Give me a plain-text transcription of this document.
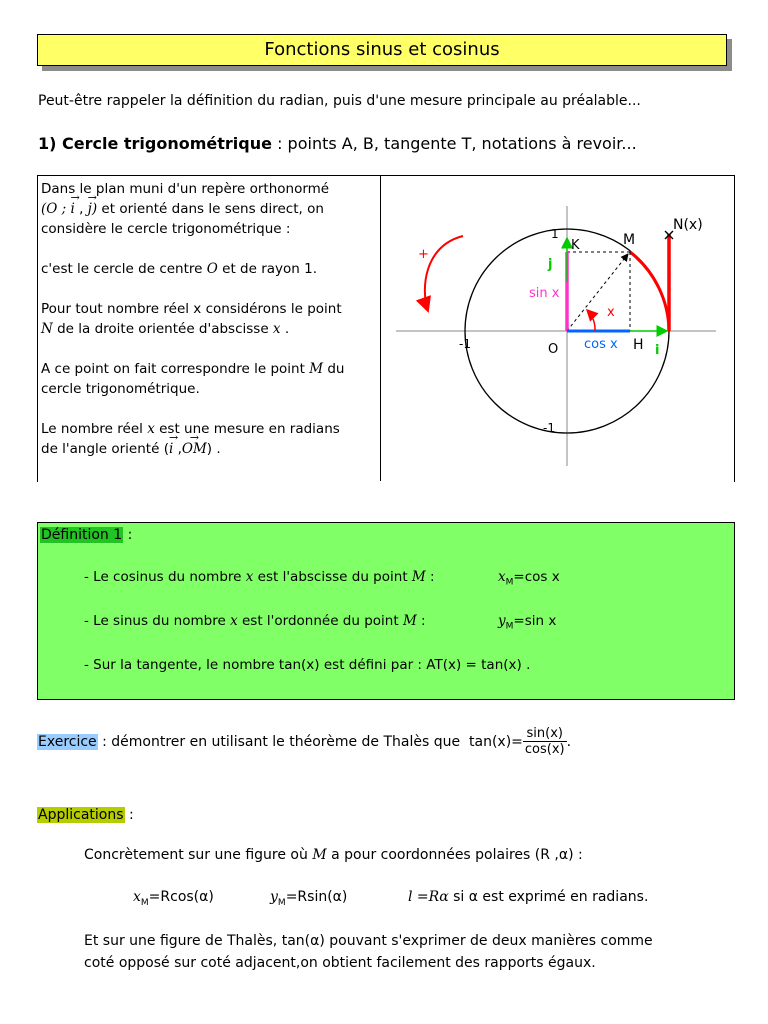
Fonctions sinus et cosinus
Peut-être rappeler la définition du radian, puis d'une mesure principale au préalable...
1) Cercle trigonométrique : points A, B, tangente T, notations à revoir...
Dans le plan muni d'un repère orthonormé
(O ; → i , → j) et orienté dans le sens direct, on
considère le cercle trigonométrique :
c'est le cercle de centre O et de rayon 1.
Pour tout nombre réel x considérons le point
N de la droite orientée d'abscisse x .
A ce point on fait correspondre le point M du
cercle trigonométrique.
Le nombre réel x est une mesure en radians
de l'angle orienté (→ i ,→ OM) .
+
1
K	M
N(x)
j
sin x
x
-1	O cos x H i
-1
Définition 1 :
- Le cosinus du nombre x est l'abscisse du point M :	$x_M=\cos$ x
- Le sinus du nombre x est l'ordonnée du point M :	$y_M=\sin$ x
- Sur la tangente, le nombre tan(x) est défini par : AT(x) = tan(x) .
Exercice : démontrer en utilisant le théorème de Thalès que  $\tan(x)= \frac{\sin(x)}{\cos(x)}$ .
Applications :
Concrètement sur une figure où M a pour coordonnées polaires (R ,α) :
$x_M=Rcos(\alpha)$	$y_M=Rsin(\alpha)$	l =Rα si α est exprimé en radians.
Et sur une figure de Thalès, tan(α) pouvant s'exprimer de deux manières comme
coté opposé sur coté adjacent,on obtient facilement des rapports égaux.
